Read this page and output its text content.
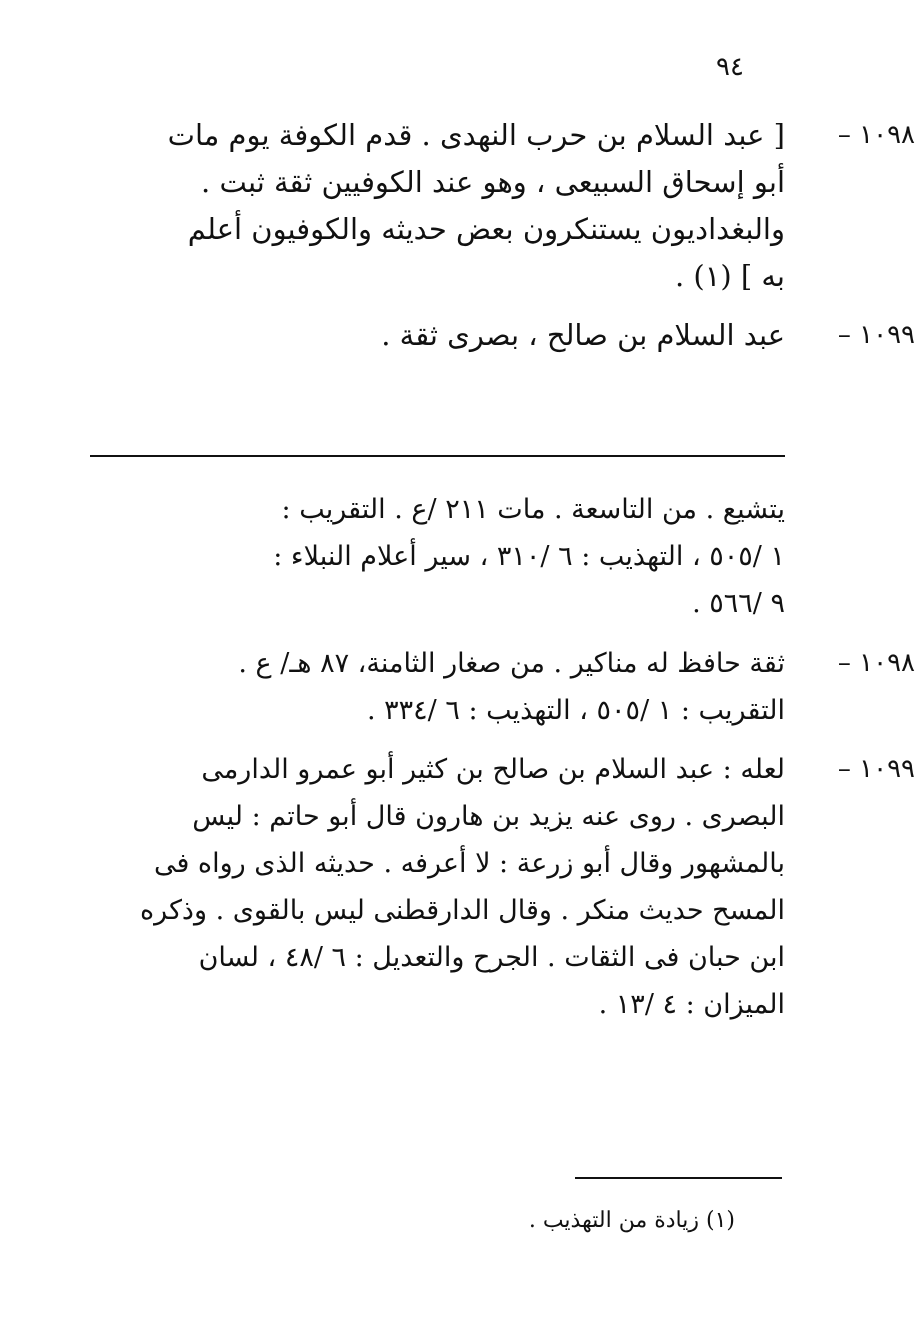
٩٤
١٠٩٨ –
[ عبد السلام بن حرب النهدى . قدم الكوفة يوم مات
أبو إسحاق السبيعى ، وهو عند الكوفيين ثقة ثبت .
والبغداديون يستنكرون بعض حديثه والكوفيون أعلم
به ] (١) .
١٠٩٩ –
عبد السلام بن صالح ، بصرى ثقة .
يتشيع . من التاسعة . مات ٢١١ /ع . التقريب :
١ /٥٠٥ ، التهذيب : ٦ /٣١٠ ، سير أعلام النبلاء :
٩ /٥٦٦ .
١٠٩٨ –
ثقة حافظ له مناكير . من صغار الثامنة، ٨٧ هـ/ ع .
التقريب : ١ /٥٠٥ ، التهذيب : ٦ /٣٣٤ .
١٠٩٩ –
لعله : عبد السلام بن صالح بن كثير أبو عمرو الدارمى
البصرى . روى عنه يزيد بن هارون قال أبو حاتم : ليس
بالمشهور وقال أبو زرعة : لا أعرفه . حديثه الذى رواه فى
المسح حديث منكر . وقال الدارقطنى ليس بالقوى . وذكره
ابن حبان فى الثقات . الجرح والتعديل : ٦ /٤٨ ، لسان
الميزان : ٤ /١٣ .
(١) زيادة من التهذيب .
